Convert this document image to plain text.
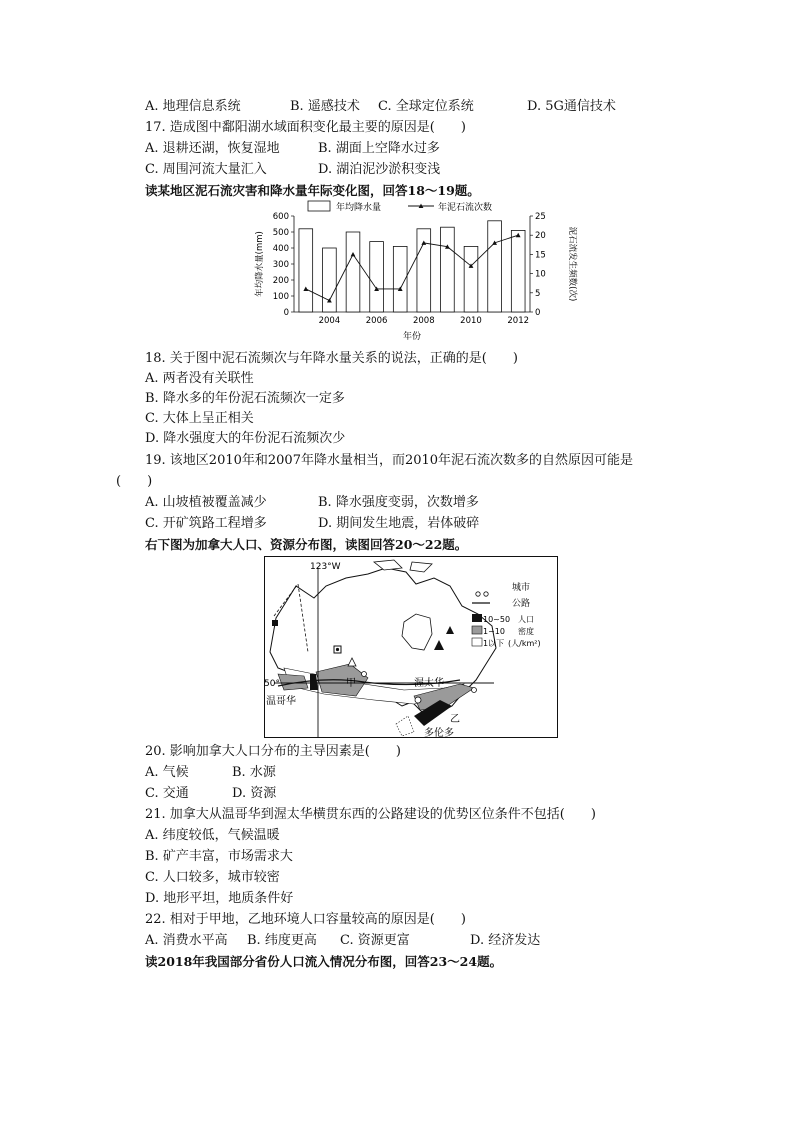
A. 地理信息系统	B. 遥感技术 C. 全球定位系统	D. 5G通信技术
17. 造成图中鄱阳湖水域面积变化最主要的原因是(　　)
A. 退耕还湖，恢复湿地	B. 湖面上空降水过多
C. 周围河流大量汇入	D. 湖泊泥沙淤积变浅
读某地区泥石流灾害和降水量年际变化图，回答18～19题。
0
100
200
300
400
500
600
0
5
10
15
20
25
2004	2006	2008	2010	2012
年均降水量(mm)	泥石流发生频数(次)
年份
年均降水量	年泥石流次数
18. 关于图中泥石流频次与年降水量关系的说法，正确的是(　　)
A. 两者没有关联性
B. 降水多的年份泥石流频次一定多
C. 大体上呈正相关
D. 降水强度大的年份泥石流频次少
19. 该地区2010年和2007年降水量相当，而2010年泥石流次数多的自然原因可能是
(　　)
A. 山坡植被覆盖减少	B. 降水强度变弱，次数增多
C. 开矿筑路工程增多	D. 期间发生地震，岩体破碎
右下图为加拿大人口、资源分布图，读图回答20～22题。
123°W
50°
温哥华
甲	渥太华
乙
多伦多
城市
公路
10~50
1~10
1以下
人口
密度
(人/km²)
20. 影响加拿大人口分布的主导因素是(　　)
A. 气候	B. 水源
C. 交通	D. 资源
21. 加拿大从温哥华到渥太华横贯东西的公路建设的优势区位条件不包括(　　)
A. 纬度较低，气候温暖
B. 矿产丰富，市场需求大
C. 人口较多，城市较密
D. 地形平坦，地质条件好
22. 相对于甲地，乙地环境人口容量较高的原因是(　　)
A. 消费水平高 B. 纬度更高 C. 资源更富	D. 经济发达
读2018年我国部分省份人口流入情况分布图，回答23～24题。
